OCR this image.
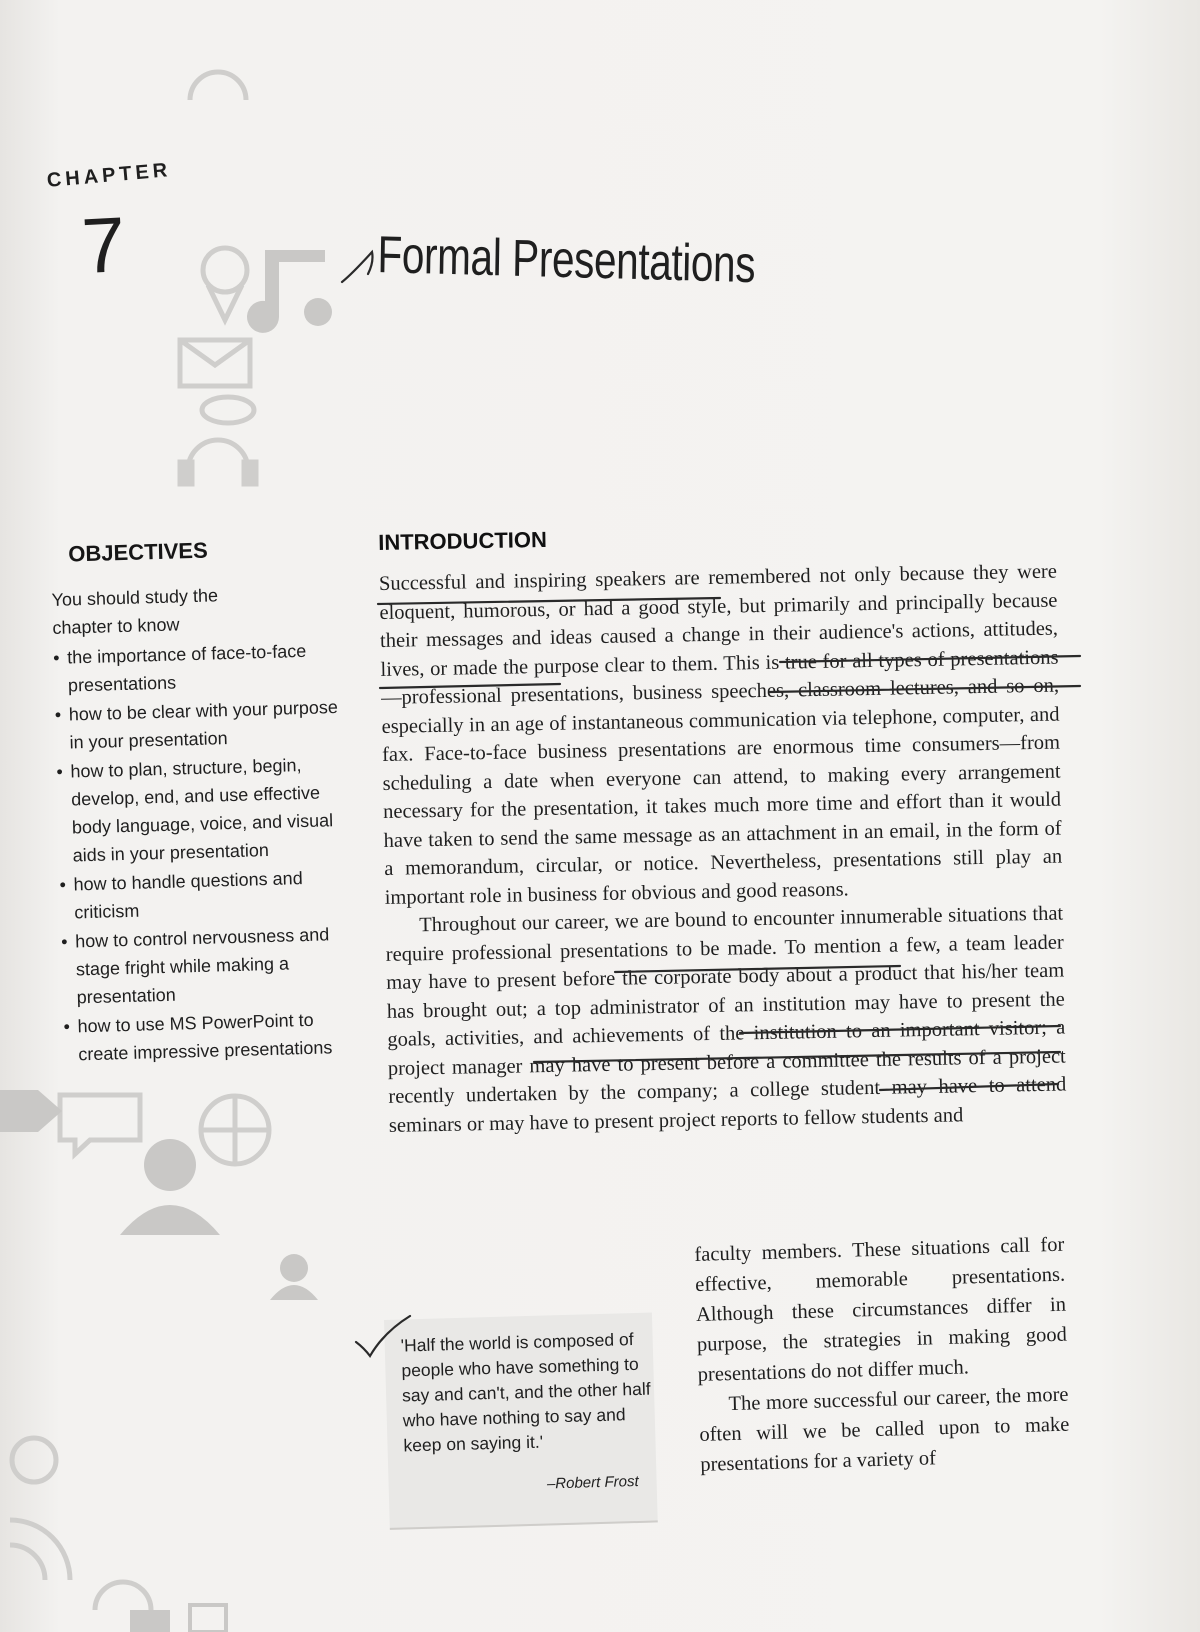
CHAPTER
7	Formal Presentations
OBJECTIVES

You should study the chapter to know

• the importance of face-to-face presentations
• how to be clear with your purpose in your presentation
• how to plan, structure, begin, develop, end, and use effective body language, voice, and visual aids in your presentation
• how to handle questions and criticism
• how to control nervousness and stage fright while making a presentation
• how to use MS PowerPoint to create impressive presentations
INTRODUCTION

Successful and inspiring speakers are remembered not only because they were eloquent, humorous, or had a good style, but primarily and principally because their messages and ideas caused a change in their audience's actions, attitudes, lives, or made the purpose clear to them. This is true for all types of presentations—professional presentations, business speeches, classroom lectures, and so on, especially in an age of instantaneous communication via telephone, computer, and fax. Face-to-face business presentations are enormous time consumers—from scheduling a date when everyone can attend, to making every arrangement necessary for the presentation, it takes much more time and effort than it would have taken to send the same message as an attachment in an email, in the form of a memorandum, circular, or notice. Nevertheless, presentations still play an important role in business for obvious and good reasons.

Throughout our career, we are bound to encounter innumerable situations that require professional presentations to be made. To mention a few, a team leader may have to present before the corporate body about a product that his/her team has brought out; a top administrator of an institution may have to present the goals, activities, and achievements of the institution to an important visitor; a project manager may have to present before a committee the results of a project recently undertaken by the company; a college student may have to attend seminars or may have to present project reports to fellow students and

faculty members. These situations call for effective, memorable presentations. Although these circumstances differ in purpose, the strategies in making good presentations do not differ much.

The more successful our career, the more often will we be called upon to make presentations for a variety of

'Half the world is composed of people who have something to say and can't, and the other half who have nothing to say and keep on saying it.'
–Robert Frost
